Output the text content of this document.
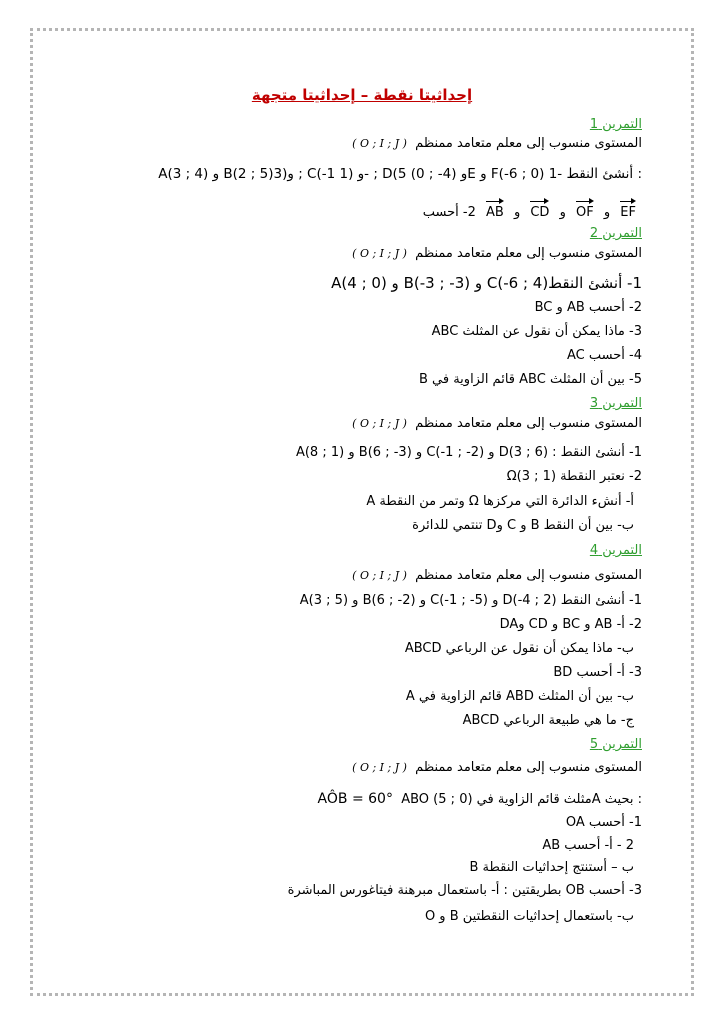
إحداثيتا نقطة – إحداثيتا متجهة
التمرين 1
( O ; I ; J ) المستوى منسوب إلى معلم متعامد ممنظم
A(3 ; 4) و B(2 ; 5)و(3 ; C(-1 و (1- ; D(5 و (4- ; 0)E و F(-6 ; 0) 1- أنشئ النقط :
EF و OF و CD و AB 2- أحسب
التمرين 2
( O ; I ; J ) المستوى منسوب إلى معلم متعامد ممنظم
1- أنشئ النقط(4 ; 6-)C و (3- ; 3-)B و (0 ; A(4
2- أحسب AB و BC
3- ماذا يمكن أن نقول عن المثلث ABC
4- أحسب AC
5- بين أن المثلث ABC قائم الزاوية في B
التمرين 3
( O ; I ; J ) المستوى منسوب إلى معلم متعامد ممنظم
1- أنشئ النقط : D(3 ; 6) و (2- ; 1-)C و (3- ; 6)B و (1 ; A(8
2- نعتبر النقطة (1 ; 3)Ω
أ- أنشء الدائرة التي مركزها Ω وتمر من النقطة A
ب- بين أن النقط B و C وD تنتمي للدائرة
التمرين 4
( O ; I ; J ) المستوى منسوب إلى معلم متعامد ممنظم
1- أنشئ النقط (2 ; 4-)D و (5- ; 1-)C و (2- ; 6)B و (5 ; A(3
2- أ- AB و BC و CD وDA
ب- ماذا يمكن أن نقول عن الرباعي ABCD
3- أ- أحسب BD
ب- بين أن المثلث ABD قائم الزاوية في A
ج- ما هي طبيعة الرباعي ABCD
التمرين 5
( O ; I ; J ) المستوى منسوب إلى معلم متعامد ممنظم
AÔB = 60° ABO مثلث قائم الزاوية في (0 ; 5)A بحيث :
1- أحسب OA
2 - أ- أحسب AB
ب – أستنتج إحداثيات النقطة B
3- أحسب OB بطريقتين : أ- باستعمال مبرهنة فيتاغورس المباشرة
ب- باستعمال إحداثيات النقطتين B و O
